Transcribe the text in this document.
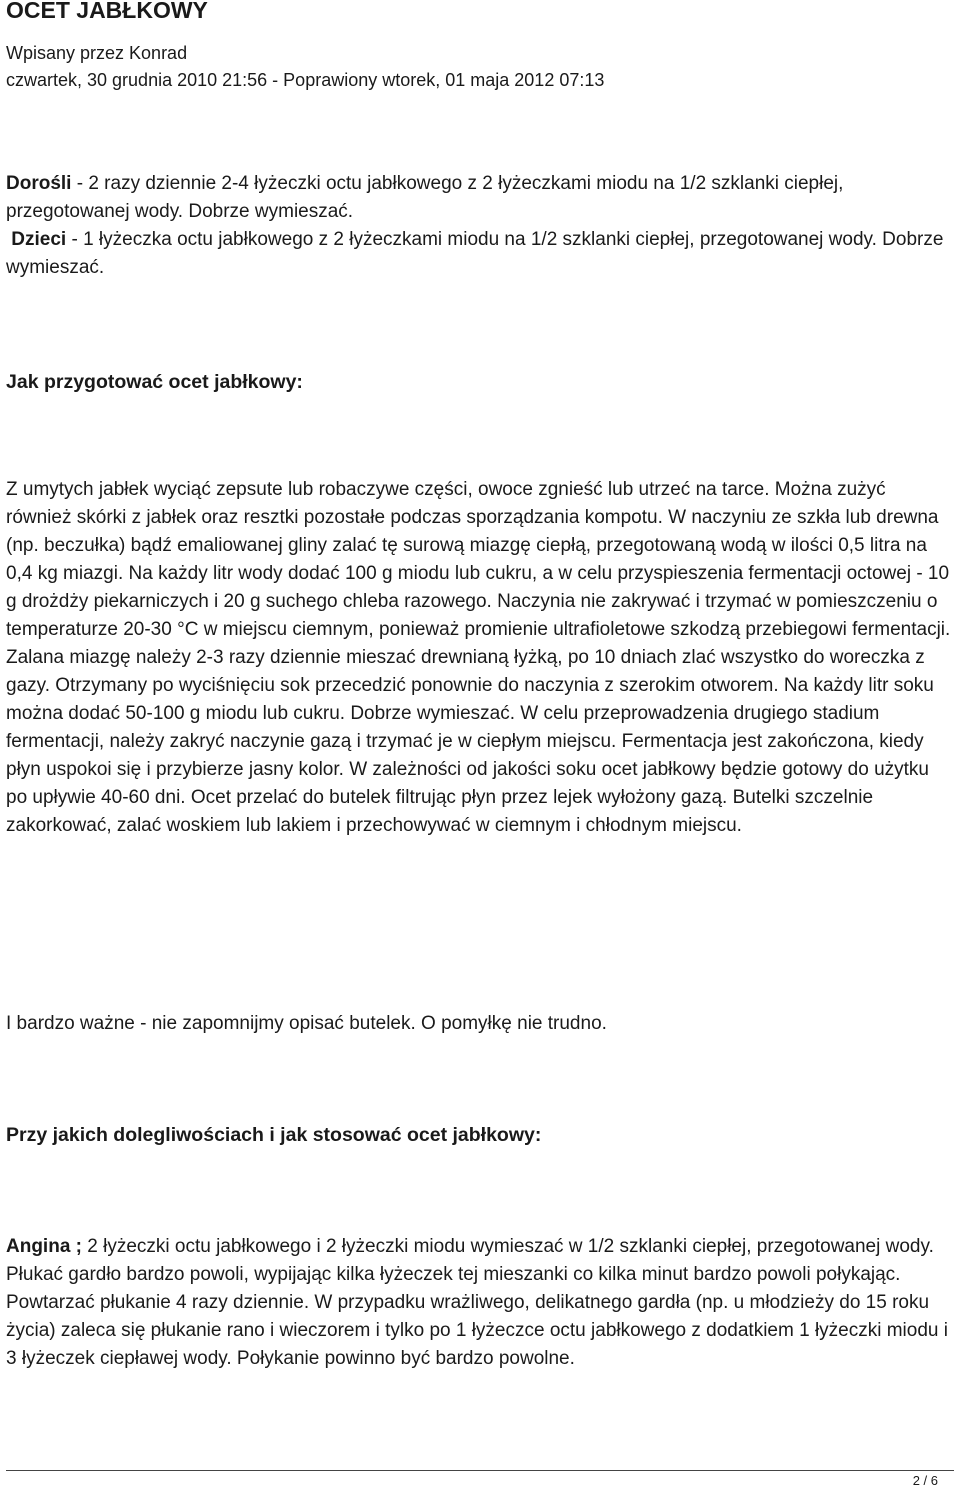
OCET JABŁKOWY
Wpisany przez Konrad
czwartek, 30 grudnia 2010 21:56 - Poprawiony wtorek, 01 maja 2012 07:13

Dorośli - 2 razy dziennie 2-4 łyżeczki octu jabłkowego z 2 łyżeczkami miodu na 1/2 szklanki ciepłej, przegotowanej wody. Dobrze wymieszać.

Dzieci - 1 łyżeczka octu jabłkowego z 2 łyżeczkami miodu na 1/2 szklanki ciepłej, przegotowanej wody. Dobrze wymieszać.

Jak przygotować ocet jabłkowy:

Z umytych jabłek wyciąć zepsute lub robaczywe części, owoce zgnieść lub utrzeć na tarce. Można zużyć również skórki z jabłek oraz resztki pozostałe podczas sporządzania kompotu. W naczyniu ze szkła lub drewna (np. beczułka) bądź emaliowanej gliny zalać tę surową miazgę ciepłą, przegotowaną wodą w ilości 0,5 litra na 0,4 kg miazgi. Na każdy litr wody dodać 100 g miodu lub cukru, a w celu przyspieszenia fermentacji octowej - 10 g drożdży piekarniczych i 20 g suchego chleba razowego. Naczynia nie zakrywać i trzymać w pomieszczeniu o temperaturze 20-30 °C w miejscu ciemnym, ponieważ promienie ultrafioletowe szkodzą przebiegowi fermentacji. Zalana miazgę należy 2-3 razy dziennie mieszać drewnianą łyżką, po 10 dniach zlać wszystko do woreczka z gazy. Otrzymany po wyciśnięciu sok przecedzić ponownie do naczynia z szerokim otworem. Na każdy litr soku można dodać 50-100 g miodu lub cukru. Dobrze wymieszać. W celu przeprowadzenia drugiego stadium fermentacji, należy zakryć naczynie gazą i trzymać je w ciepłym miejscu. Fermentacja jest zakończona, kiedy płyn uspokoi się i przybierze jasny kolor. W zależności od jakości soku ocet jabłkowy będzie gotowy do użytku po upływie 40-60 dni. Ocet przelać do butelek filtrując płyn przez lejek wyłożony gazą. Butelki szczelnie zakorkować, zalać woskiem lub lakiem i przechowywać w ciemnym i chłodnym miejscu.

I bardzo ważne - nie zapomnijmy opisać butelek. O pomyłkę nie trudno.

Przy jakich dolegliwościach i jak stosować ocet jabłkowy:

Angina ; 2 łyżeczki octu jabłkowego i 2 łyżeczki miodu wymieszać w 1/2 szklanki ciepłej, przegotowanej wody. Płukać gardło bardzo powoli, wypijając kilka łyżeczek tej mieszanki co kilka minut bardzo powoli połykając. Powtarzać płukanie 4 razy dziennie. W przypadku wrażliwego, delikatnego gardła (np. u młodzieży do 15 roku życia) zaleca się płukanie rano i wieczorem i tylko po 1 łyżeczce octu jabłkowego z dodatkiem 1 łyżeczki miodu i 3 łyżeczek ciepławej wody. Połykanie powinno być bardzo powolne.

2 / 6
